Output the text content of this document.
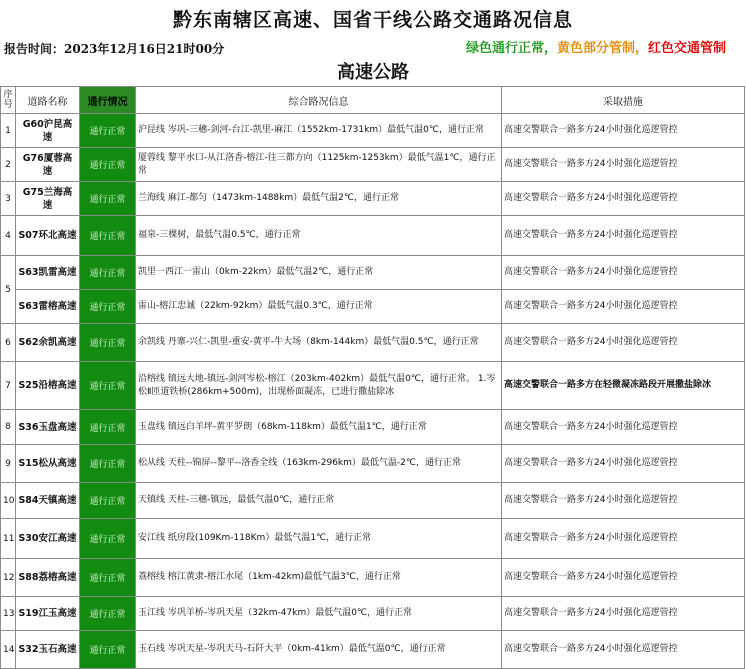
黔东南辖区高速、国省干线公路交通路况信息
报告时间：2023年12月16日21时00分	绿色通行正常，黄色部分管制，红色交通管制
高速公路
序号	道路名称	通行情况	综合路况信息	采取措施
1	G60沪昆高速	通行正常	沪昆线 岑巩-三穗-剑河-台江-凯里-麻江（1552km-1731km）最低气温0℃，通行正常	高速交警联合一路多方24小时强化巡逻管控
2	G76厦蓉高速	通行正常	厦蓉线 黎平水口-从江洛香-榕江-往三都方向（1125km-1253km）最低气温1℃，通行正常	高速交警联合一路多方24小时强化巡逻管控
3	G75兰海高速	通行正常	兰海线 麻江-都匀（1473km-1488km）最低气温2℃，通行正常	高速交警联合一路多方24小时强化巡逻管控
4	S07环北高速	通行正常	福泉-三棵树，最低气温0.5℃，通行正常	高速交警联合一路多方24小时强化巡逻管控
5	S63凯雷高速	通行正常	凯里一西江一雷山（0km-22km）最低气温2℃，通行正常	高速交警联合一路多方24小时强化巡逻管控
	S63雷榕高速	通行正常	雷山-榕江忠诚（22km-92km）最低气温0.3℃，通行正常	高速交警联合一路多方24小时强化巡逻管控
6	S62余凯高速	通行正常	余凯线 丹寨-兴仁-凯里-重安-黄平-牛大场（8km-144km）最低气温0.5℃，通行正常	高速交警联合一路多方24小时强化巡逻管控
7	S25沿榕高速	通行正常	沿榕线 镇远大地-镇远-剑河岑松-榕江（203km-402km）最低气温0℃，通行正常。 1.岑松Ⅱ匝道铁桥(286km+500m)，出现桥面凝冻，已进行撒盐除冰	高速交警联合一路多方在轻微凝冻路段开展撒盐除冰
8	S36玉盘高速	通行正常	玉盘线 镇远白羊坪-黄平罗朗（68km-118km）最低气温1℃，通行正常	高速交警联合一路多方24小时强化巡逻管控
9	S15松从高速	通行正常	松从线 天柱--锦屏--黎平--洛香全线（163km-296km）最低气温-2℃，通行正常	高速交警联合一路多方24小时强化巡逻管控
10	S84天镇高速	通行正常	天镇线 天柱-三穗-镇远，最低气温0℃，通行正常	高速交警联合一路多方24小时强化巡逻管控
11	S30安江高速	通行正常	安江线 纸房段(109Km-118Km）最低气温1℃，通行正常	高速交警联合一路多方24小时强化巡逻管控
12	S88荔榕高速	通行正常	荔榕线 榕江黄隶-榕江水尾（1km-42km)最低气温3℃，通行正常	高速交警联合一路多方24小时强化巡逻管控
13	S19江玉高速	通行正常	玉江线 岑巩羊桥-岑巩天星（32km-47km）最低气温0℃，通行正常	高速交警联合一路多方24小时强化巡逻管控
14	S32玉石高速	通行正常	玉石线 岑巩天星-岑巩天马-石阡大平（0km-41km）最低气温0℃，通行正常	高速交警联合一路多方24小时强化巡逻管控
